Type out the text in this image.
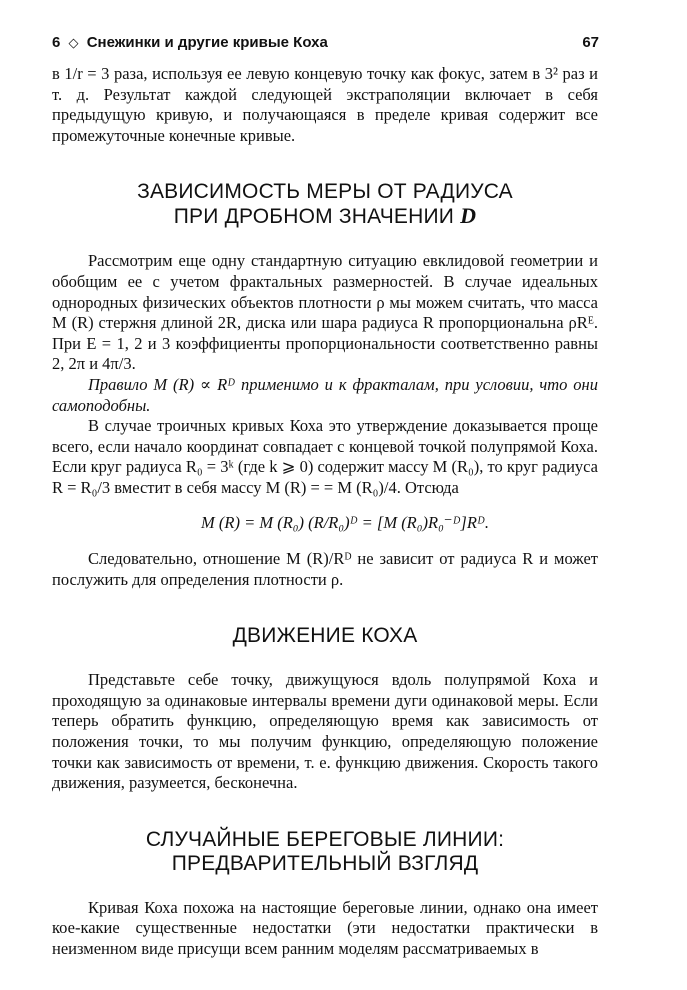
6 ◇ Снежинки и другие кривые Коха	67

в 1/r = 3 раза, используя ее левую концевую точку как фокус, затем в 3² раз и т. д. Результат каждой следующей экстраполяции включает в себя предыдущую кривую, и получающаяся в пределе кривая содержит все промежуточные конечные кривые.

ЗАВИСИМОСТЬ МЕРЫ ОТ РАДИУСА
ПРИ ДРОБНОМ ЗНАЧЕНИИ D

Рассмотрим еще одну стандартную ситуацию евклидовой геометрии и обобщим ее с учетом фрактальных размерностей. В случае идеальных однородных физических объектов плотности ρ мы можем считать, что масса M (R) стержня длиной 2R, диска или шара радиуса R пропорциональна ρRᴱ. При E = 1, 2 и 3 коэффициенты пропорциональности соответственно равны 2, 2π и 4π/3.

Правило M (R) ∝ Rᴰ применимо и к фракталам, при условии, что они самоподобны.

В случае троичных кривых Коха это утверждение доказывается проще всего, если начало координат совпадает с концевой точкой полупрямой Коха. Если круг радиуса R₀ = 3ᵏ (где k ⩾ 0) содержит массу M (R₀), то круг радиуса R = R₀/3 вместит в себя массу M (R) = = M (R₀)/4. Отсюда

M (R) = M (R₀) (R/R₀)ᴰ = [M (R₀)R₀⁻ᴰ]Rᴰ.

Следовательно, отношение M (R)/Rᴰ не зависит от радиуса R и может послужить для определения плотности ρ.

ДВИЖЕНИЕ КОХА

Представьте себе точку, движущуюся вдоль полупрямой Коха и проходящую за одинаковые интервалы времени дуги одинаковой меры. Если теперь обратить функцию, определяющую время как зависимость от положения точки, то мы получим функцию, определяющую положение точки как зависимость от времени, т. е. функцию движения. Скорость такого движения, разумеется, бесконечна.

СЛУЧАЙНЫЕ БЕРЕГОВЫЕ ЛИНИИ:
ПРЕДВАРИТЕЛЬНЫЙ ВЗГЛЯД

Кривая Коха похожа на настоящие береговые линии, однако она имеет кое-какие существенные недостатки (эти недостатки практически в неизменном виде присущи всем ранним моделям рассматриваемых в
